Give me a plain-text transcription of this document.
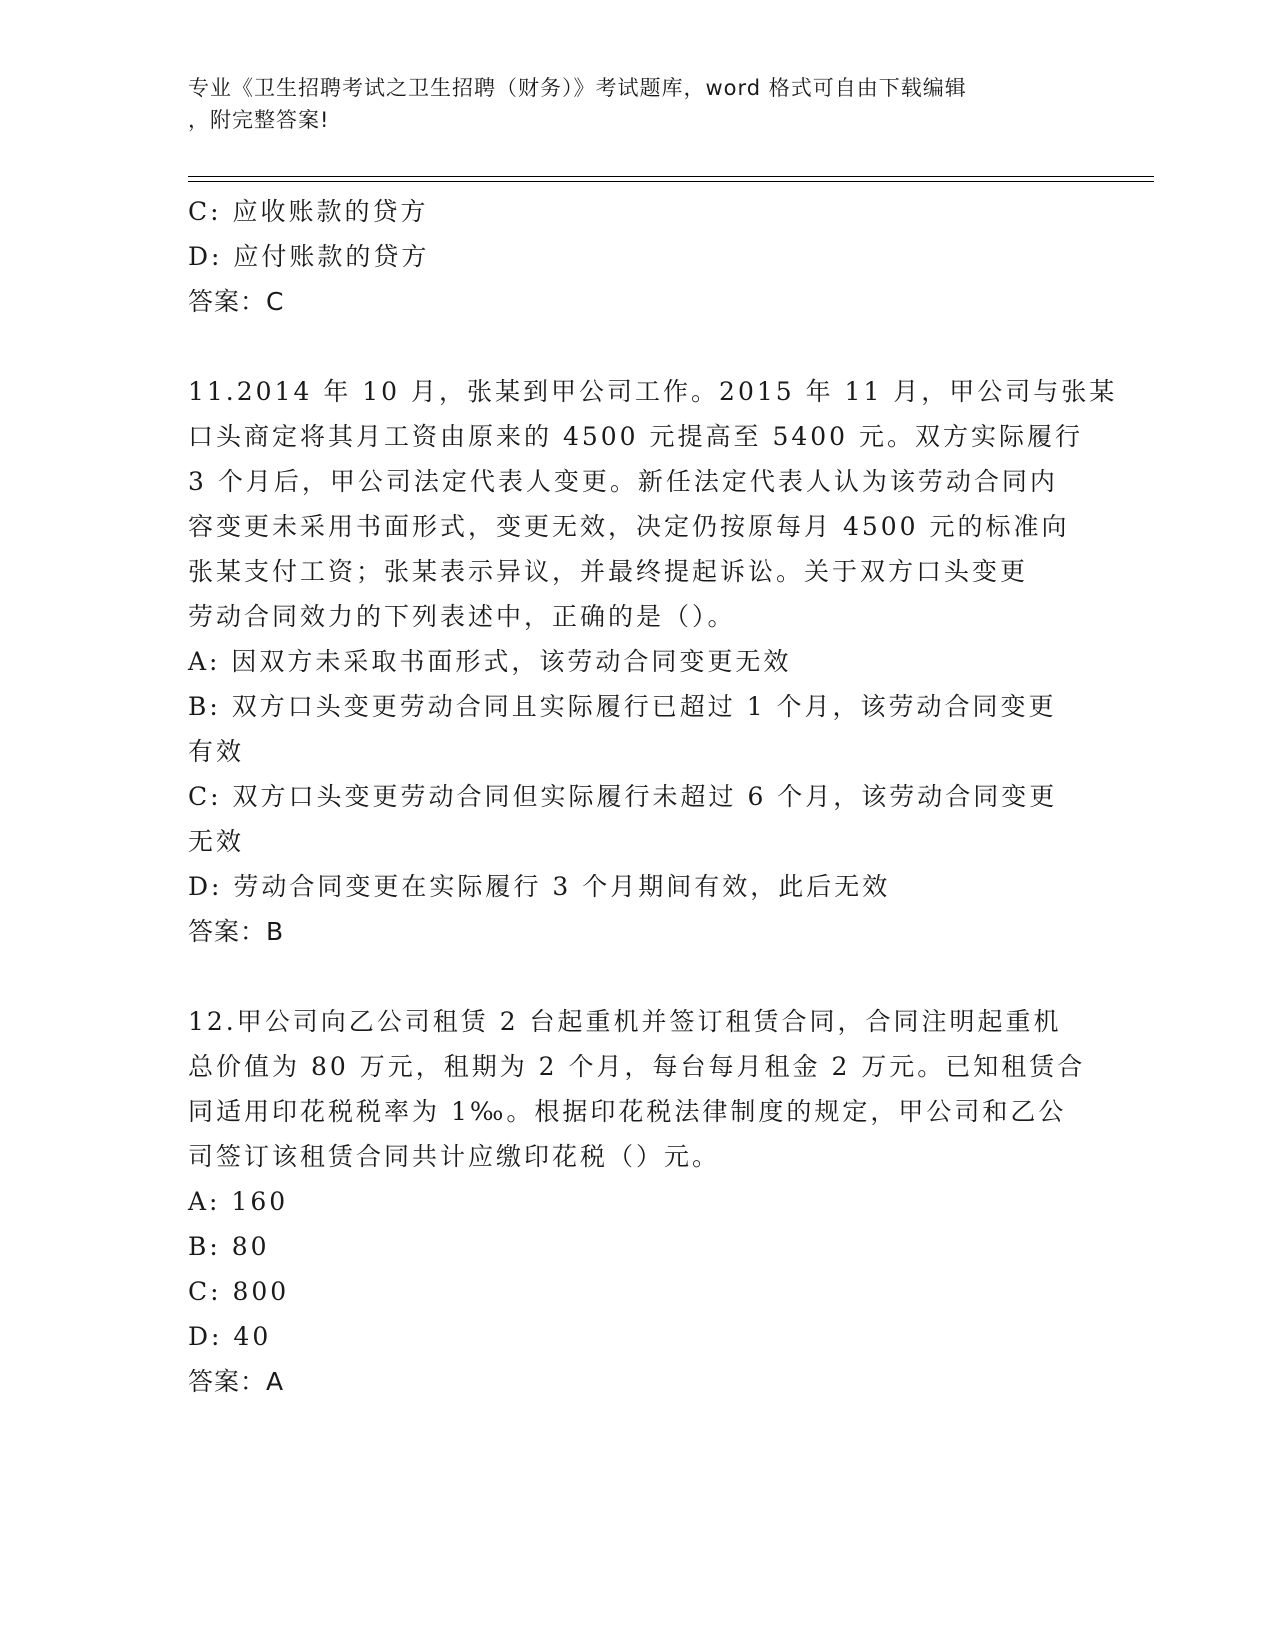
专业《卫生招聘考试之卫生招聘（财务）》考试题库，word 格式可自由下载编辑
，附完整答案!
C: 应收账款的贷方
D: 应付账款的贷方
答案：C
11.2014 年 10 月，张某到甲公司工作。2015 年 11 月，甲公司与张某
口头商定将其月工资由原来的 4500 元提高至 5400 元。双方实际履行
3 个月后，甲公司法定代表人变更。新任法定代表人认为该劳动合同内
容变更未采用书面形式，变更无效，决定仍按原每月 4500 元的标准向
张某支付工资；张某表示异议，并最终提起诉讼。关于双方口头变更
劳动合同效力的下列表述中，正确的是（）。
A: 因双方未采取书面形式，该劳动合同变更无效
B: 双方口头变更劳动合同且实际履行已超过 1 个月，该劳动合同变更
有效
C: 双方口头变更劳动合同但实际履行未超过 6 个月，该劳动合同变更
无效
D: 劳动合同变更在实际履行 3 个月期间有效，此后无效
答案：B
12.甲公司向乙公司租赁 2 台起重机并签订租赁合同，合同注明起重机
总价值为 80 万元，租期为 2 个月，每台每月租金 2 万元。已知租赁合
同适用印花税税率为 1‰。根据印花税法律制度的规定，甲公司和乙公
司签订该租赁合同共计应缴印花税（）元。
A: 160
B: 80
C: 800
D: 40
答案：A
